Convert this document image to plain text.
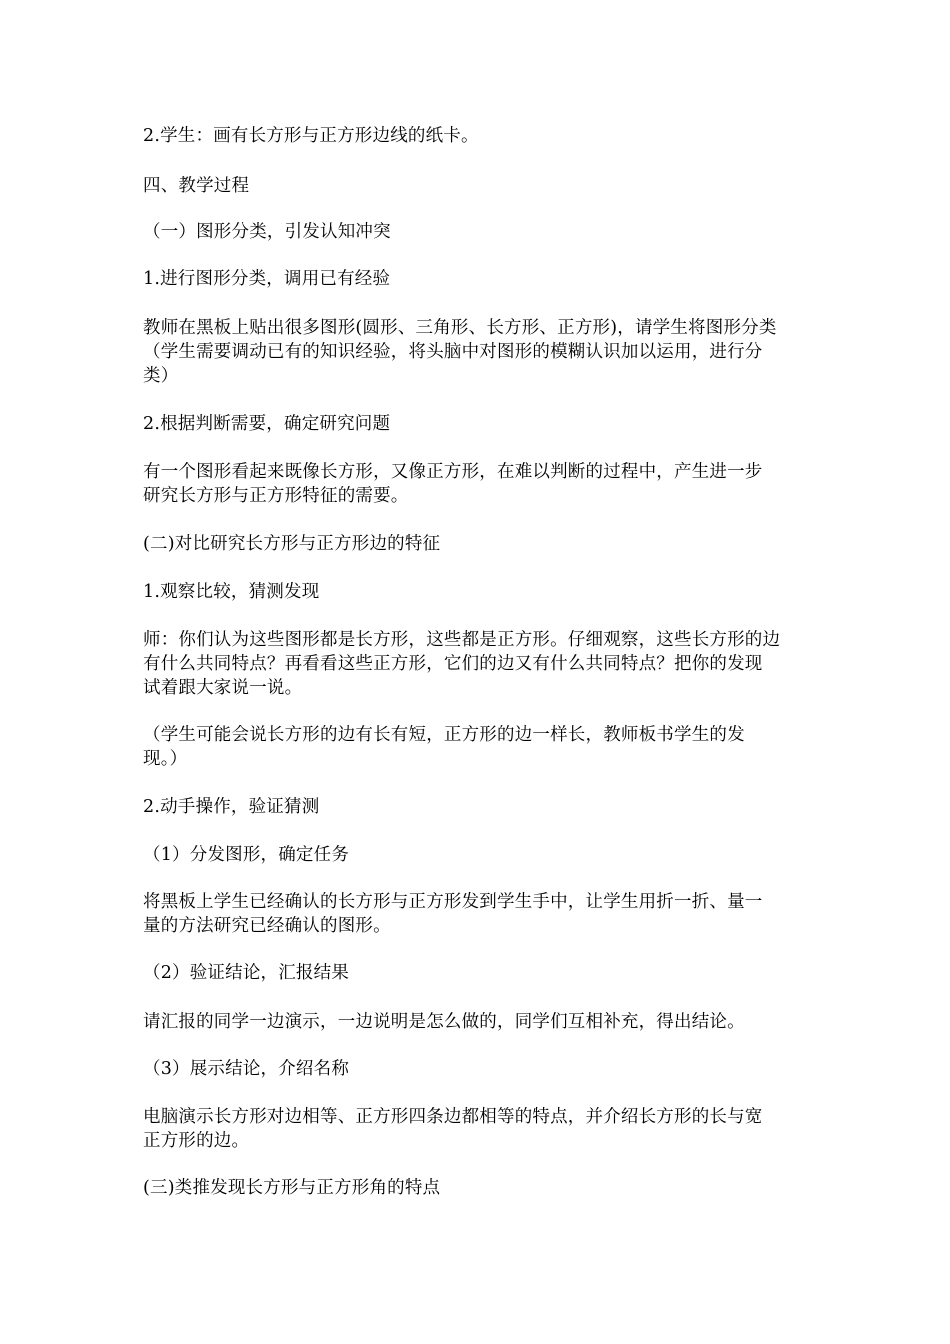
2.学生：画有长方形与正方形边线的纸卡。
四、教学过程
（一）图形分类，引发认知冲突
1.进行图形分类，调用已有经验
教师在黑板上贴出很多图形(圆形、三角形、长方形、正方形)，请学生将图形分类
（学生需要调动已有的知识经验，将头脑中对图形的模糊认识加以运用，进行分
类）
2.根据判断需要，确定研究问题
有一个图形看起来既像长方形，又像正方形，在难以判断的过程中，产生进一步
研究长方形与正方形特征的需要。
(二)对比研究长方形与正方形边的特征
1.观察比较，猜测发现
师：你们认为这些图形都是长方形，这些都是正方形。仔细观察，这些长方形的边
有什么共同特点？再看看这些正方形，它们的边又有什么共同特点？把你的发现
试着跟大家说一说。
（学生可能会说长方形的边有长有短，正方形的边一样长，教师板书学生的发
现。）
2.动手操作，验证猜测
（1）分发图形，确定任务
将黑板上学生已经确认的长方形与正方形发到学生手中，让学生用折一折、量一
量的方法研究已经确认的图形。
（2）验证结论，汇报结果
请汇报的同学一边演示，一边说明是怎么做的，同学们互相补充，得出结论。
（3）展示结论，介绍名称
电脑演示长方形对边相等、正方形四条边都相等的特点，并介绍长方形的长与宽
正方形的边。
(三)类推发现长方形与正方形角的特点
